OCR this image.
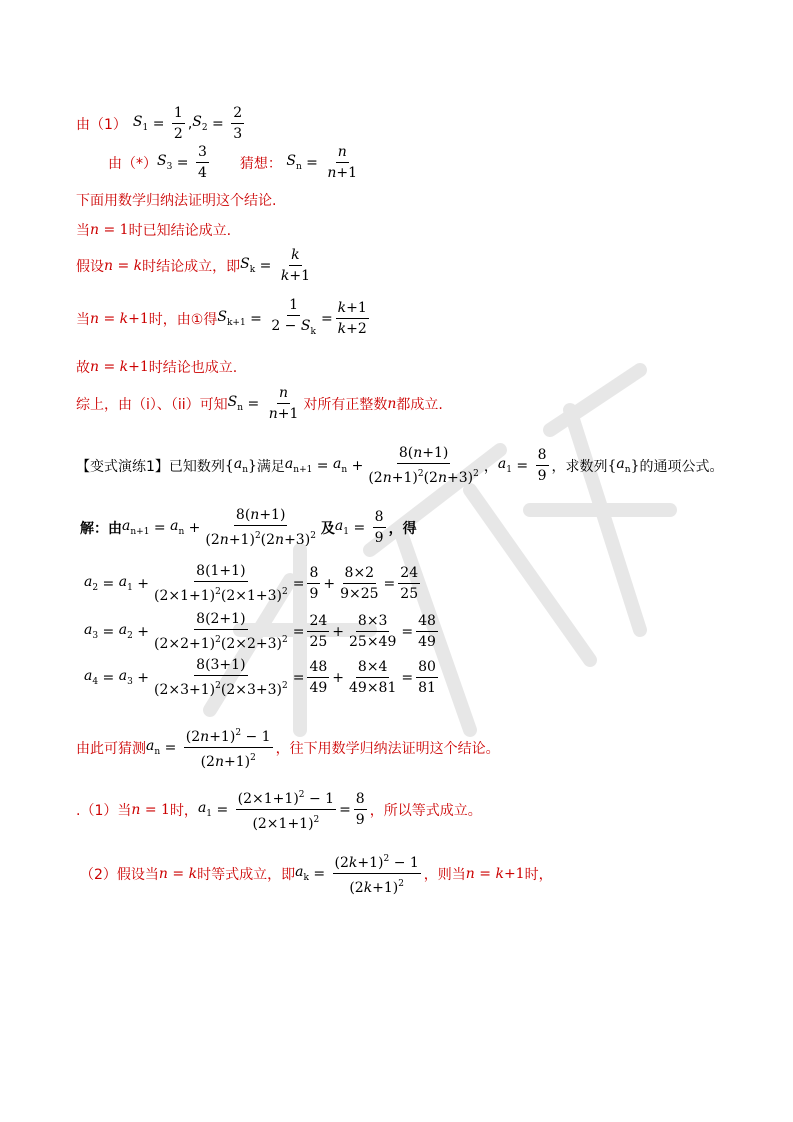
由（1） $S_1 = \frac{1}{2}$ , $S_2 = \frac{2}{3}$
由（*） $S_3 = \frac{3}{4}$ 猜想： $S_n = \frac{n}{n+1}$
下面用数学归纳法证明这个结论.
当 n = 1 时已知结论成立.
假设 n = k 时结论成立，即 $S_k = \frac{k}{k+1}$
当 n = k +1 时，由①得 $S_{k+1} = \frac{1}{2 - S_k} = \frac{k+1}{k+2}$
故 n = k +1 时结论也成立.
综上，由（i）、（ii）可知 $S_n = \frac{n}{n+1}$ 对所有正整数 n 都成立.
【变式演练1】 已知数列 { $a_n$ } 满足 $a_{n+1} = a_n + \frac{8(n+1)}{(2n+1)^2(2n+3)^2}$ ， $a_1 = \frac{8}{9}$ ，求数列 { $a_n$ } 的通项公式。
解：由 $a_{n+1} = a_n + \frac{8(n+1)}{(2n+1)^2(2n+3)^2}$ 及 $a_1 = \frac{8}{9}$ ，得
$a_2 = a_1 + \frac{8(1+1)}{(2\times 1+1)^2(2\times 1+3)^2} = \frac{8}{9} + \frac{8\times 2}{9\times 25} = \frac{24}{25}$
$a_3 = a_2 + \frac{8(2+1)}{(2\times 2+1)^2(2\times 2+3)^2} = \frac{24}{25} + \frac{8\times 3}{25\times 49} = \frac{48}{49}$
$a_4 = a_3 + \frac{8(3+1)}{(2\times 3+1)^2(2\times 3+3)^2} = \frac{48}{49} + \frac{8\times 4}{49\times 81} = \frac{80}{81}$
由此可猜测 $a_n = \frac{(2n+1)^2 - 1}{(2n+1)^2}$ ，往下用数学归纳法证明这个结论。
.（1）当 n = 1 时， $a_1 = \frac{(2\times 1+1)^2 - 1}{(2\times 1+1)^2} = \frac{8}{9}$ ，所以等式成立。
（2）假设当 n = k 时等式成立，即 $a_k = \frac{(2k+1)^2 - 1}{(2k+1)^2}$ ，则当 n = k +1 时，
